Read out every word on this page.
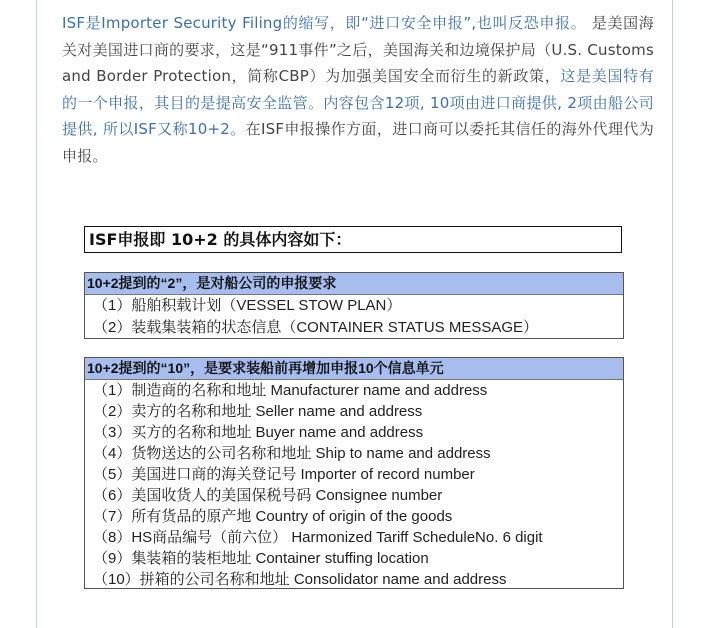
ISF是Importer Security Filing的缩写，即“进口安全申报”,也叫反恐申报。 是美国海关对美国进口商的要求，这是“911事件”之后，美国海关和边境保护局（U.S. Customs and Border Protection，简称CBP）为加强美国安全而衍生的新政策，这是美国特有的一个申报，其目的是提高安全监管。内容包含12项, 10项由进口商提供, 2项由船公司提供, 所以ISF又称10+2。在ISF申报操作方面，进口商可以委托其信任的海外代理代为申报。

ISF申报即 10+2 的具体内容如下：
10+2提到的“2”，是对船公司的申报要求
（1）船舶积载计划（VESSEL STOW PLAN）
（2）装载集装箱的状态信息（CONTAINER STATUS MESSAGE）
10+2提到的“10”，是要求装船前再增加申报10个信息单元
（1）制造商的名称和地址 Manufacturer name and address
（2）卖方的名称和地址 Seller name and address
（3）买方的名称和地址 Buyer name and address
（4）货物送达的公司名称和地址 Ship to name and address
（5）美国进口商的海关登记号 Importer of record number
（6）美国收货人的美国保税号码 Consignee number
（7）所有货品的原产地 Country of origin of the goods
（8）HS商品编号（前六位） Harmonized Tariff ScheduleNo. 6 digit
（9）集装箱的装柜地址 Container stuffing location
（10）拼箱的公司名称和地址 Consolidator name and address
